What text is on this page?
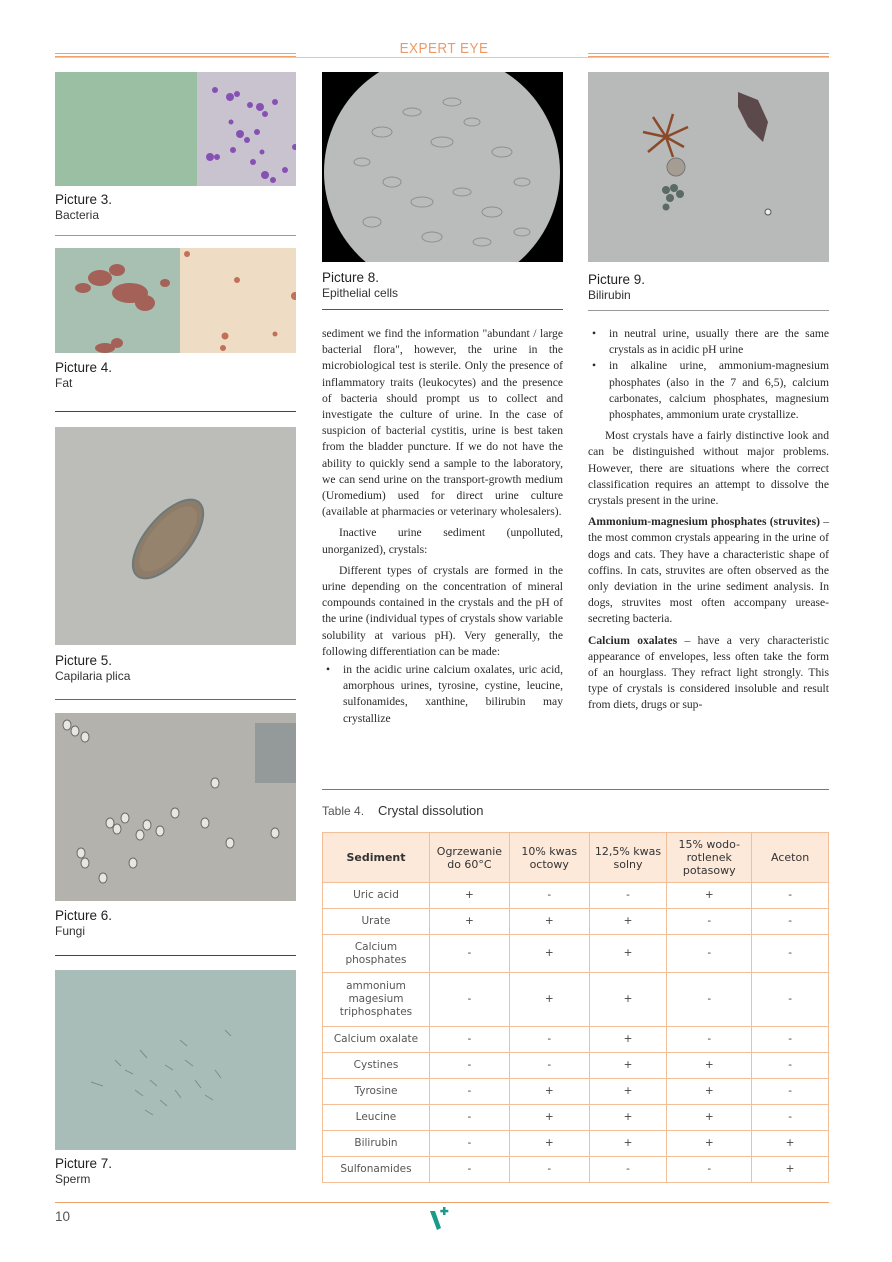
EXPERT EYE
Picture 3.
Bacteria
Picture 4.
Fat
Picture 5.
Capilaria plica
Picture 6.
Fungi
Picture 7.
Sperm
Picture 8.
Epithelial cells
Picture 9.
Bilirubin

sediment we find the information "abundant / large bacterial flora", however, the urine in the microbiological test is sterile. Only the presence of inflammatory traits (leukocytes) and the presence of bacteria should prompt us to collect and investigate the culture of urine. In the case of suspicion of bacterial cystitis, urine is best taken from the bladder puncture. If we do not have the ability to quickly send a sample to the laboratory, we can send urine on the transport-growth medium (Uromedium) used for direct urine culture (available at pharmacies or veterinary wholesalers).

Inactive urine sediment (unpolluted, unorganized), crystals:

Different types of crystals are formed in the urine depending on the concentration of mineral compounds contained in the crystals and the pH of the urine (individual types of crystals show variable solubility at various pH). Very generally, the following differentiation can be made:

• in the acidic urine calcium oxalates, uric acid, amorphous urines, tyrosine, cystine, leucine, sulfonamides, xanthine, bilirubin may crystallize
• in neutral urine, usually there are the same crystals as in acidic pH urine
• in alkaline urine, ammonium-magnesium phosphates (also in the 7 and 6,5), calcium carbonates, calcium phosphates, magnesium phosphates, ammonium urate crystallize.

Most crystals have a fairly distinctive look and can be distinguished without major problems. However, there are situations where the correct classification requires an attempt to dissolve the crystals present in the urine.

Ammonium-magnesium phosphates (struvites) – the most common crystals appearing in the urine of dogs and cats. They have a characteristic shape of coffins. In cats, struvites are often observed as the only deviation in the urine sediment analysis. In dogs, struvites most often accompany urease-secreting bacteria.

Calcium oxalates – have a very characteristic appearance of envelopes, less often take the form of an hourglass. They refract light strongly. This type of crystals is considered insoluble and result from diets, drugs or sup-

Table 4. Crystal dissolution
Sediment	Ogrzewanie do 60°C	10% kwas octowy	12,5% kwas solny	15% wodo-rotlenek potasowy	Aceton
Uric acid	+	-	-	+	-
Urate	+	+	+	-	-
Calcium phosphates	-	+	+	-	-
ammonium magesium triphosphates	-	+	+	-	-
Calcium oxalate	-	-	+	-	-
Cystines	-	-	+	+	-
Tyrosine	-	+	+	+	-
Leucine	-	+	+	+	-
Bilirubin	-	+	+	+	+
Sulfonamides	-	-	-	-	+
10
